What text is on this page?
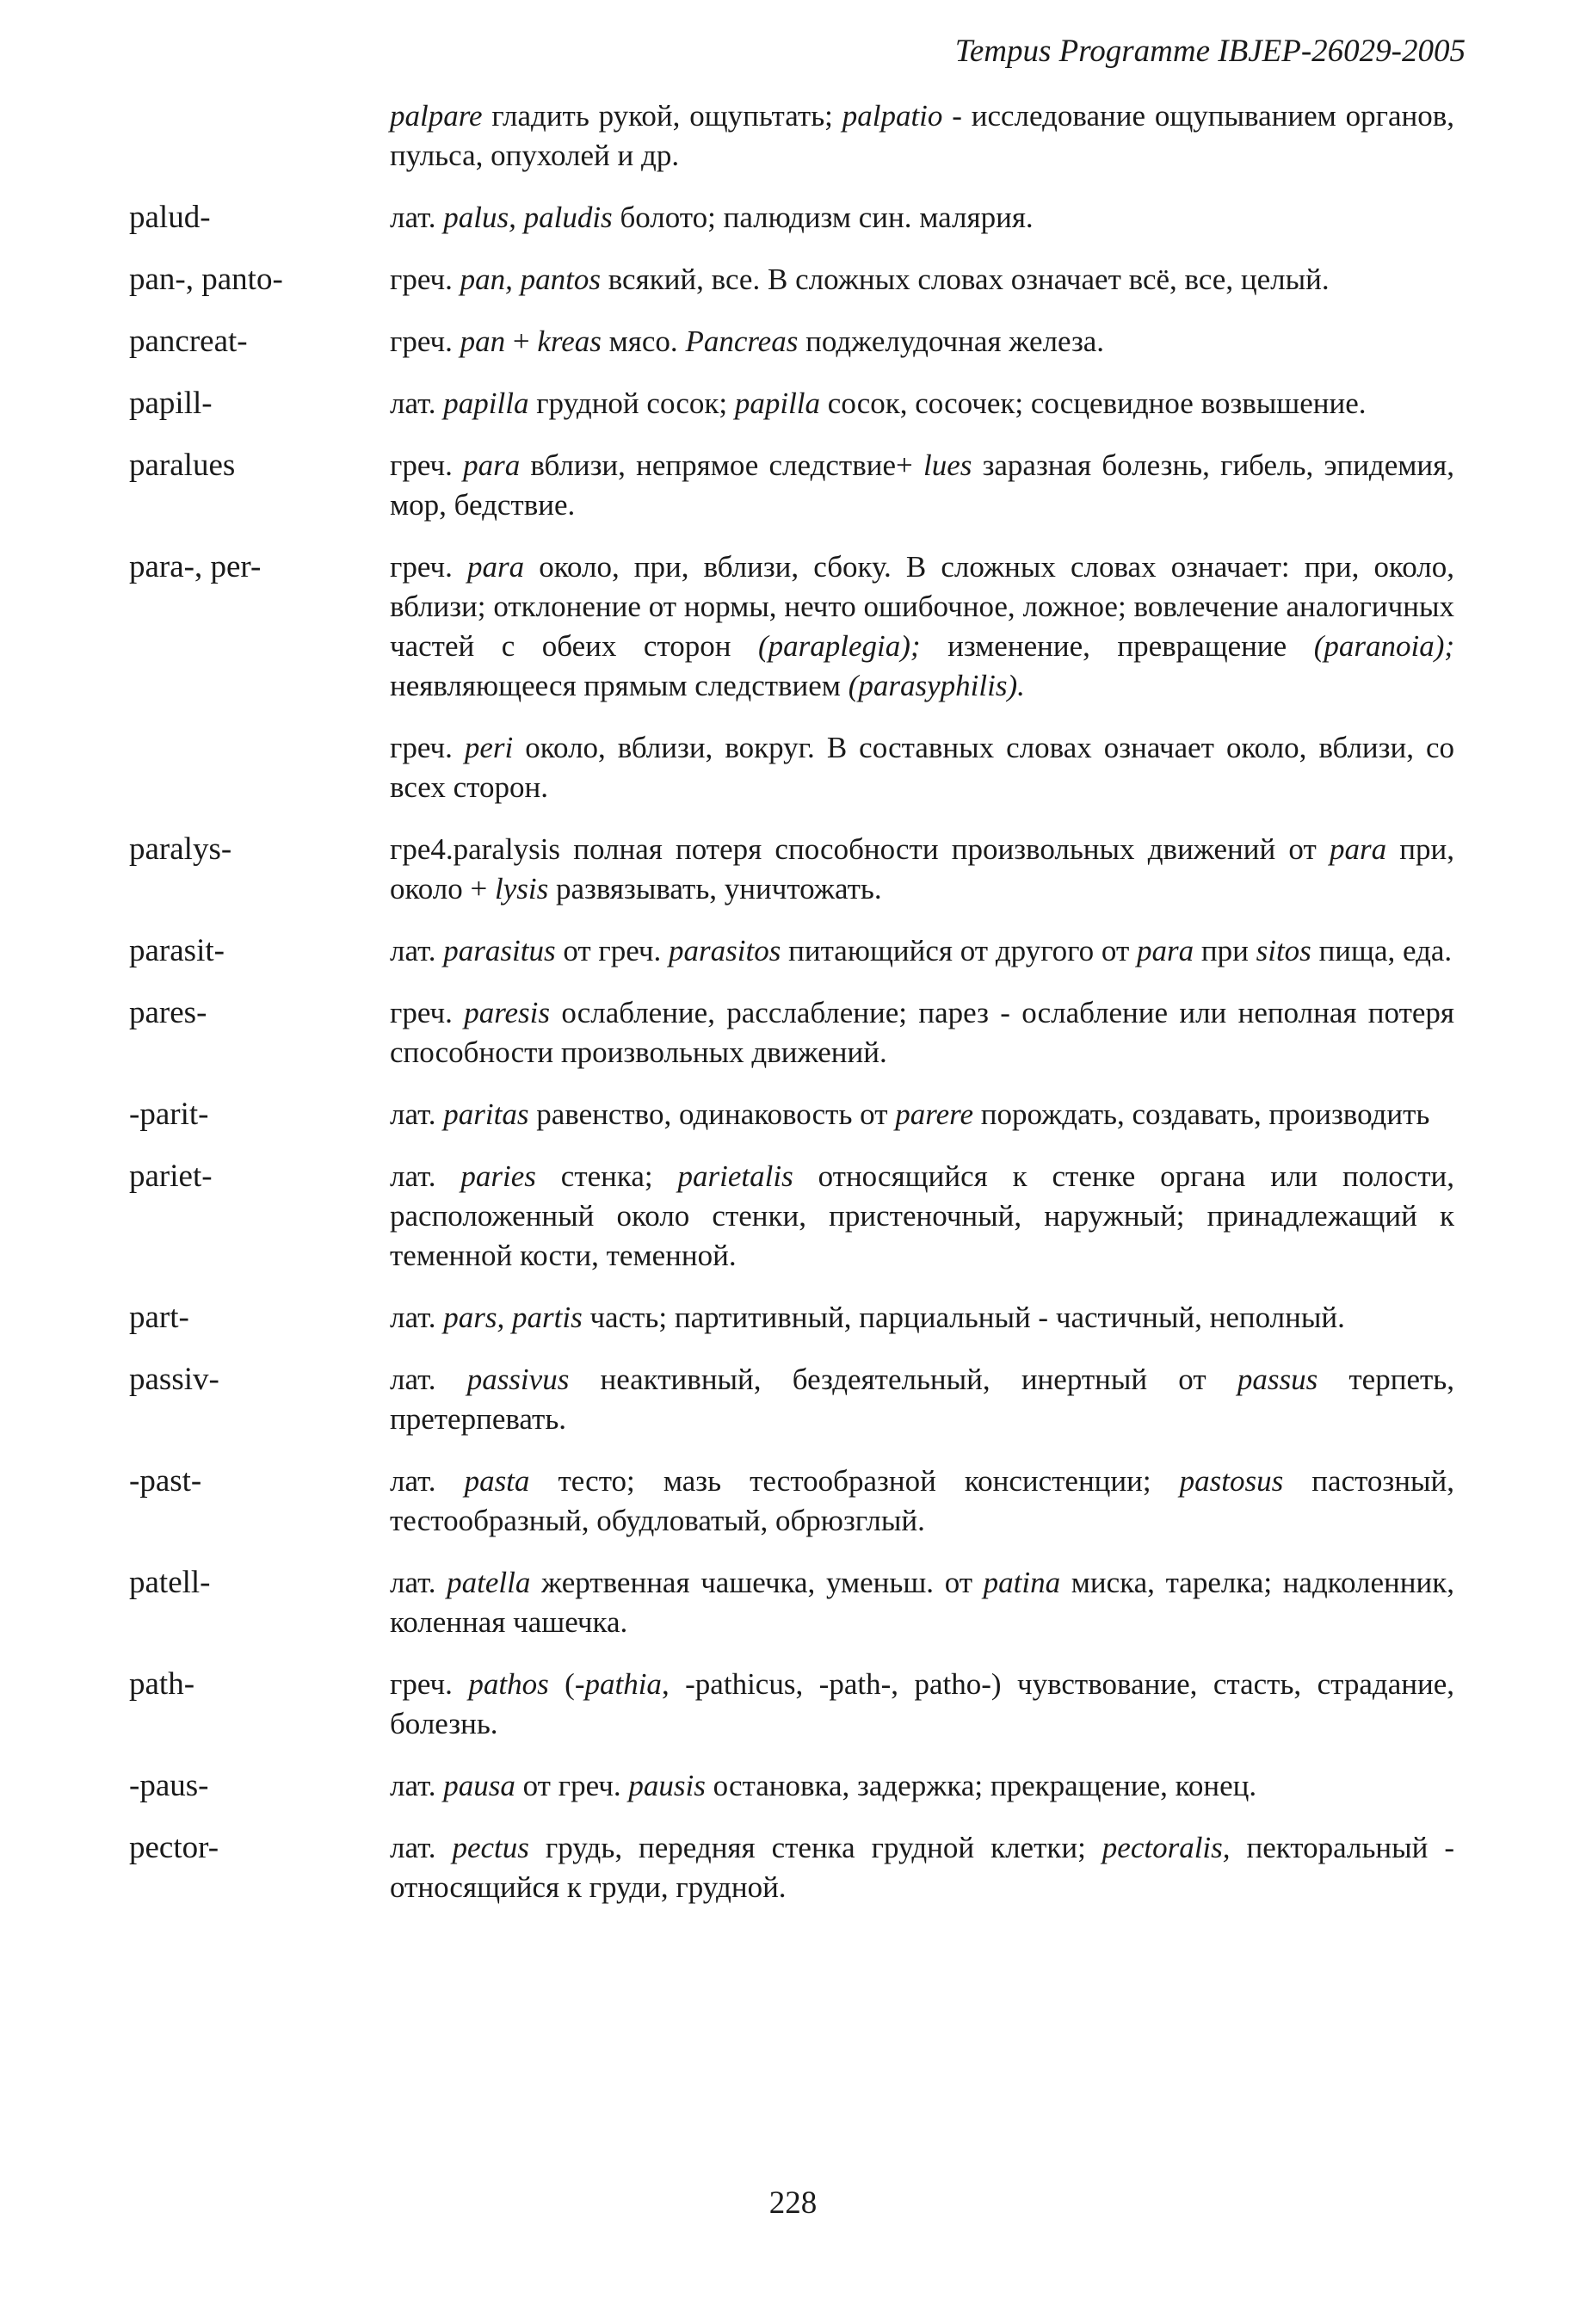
Tempus Programme IBJEP-26029-2005

palpare гладить рукой, ощупьтать; palpatio - исследование ощупыванием органов, пульса, опухолей и др.

palud-	лат. palus, paludis болото; палюдизм син. малярия.

pan-, panto-	греч. pan, pantos всякий, все. В сложных словах означает всё, все, целый.

pancreat-	греч. pan + kreas мясо. Pancreas поджелудочная железа.

papill-	лат. papilla грудной сосок; papilla сосок, сосочек; сосцевидное возвышение.

paralues	греч. para вблизи, непрямое следствие+ lues заразная болезнь, гибель, эпидемия, мор, бедствие.

para-, per-	греч. para около, при, вблизи, сбоку. В сложных словах означает: при, около, вблизи; отклонение от нормы, нечто ошибочное, ложное; вовлечение аналогичных частей с обеих сторон (paraplegia); изменение, превращение (paranoia); неявляющееся прямым следствием (parasyphilis).

греч. peri около, вблизи, вокруг. В составных словах означает около, вблизи, со всех сторон.

paralys-	гре4.paralysis полная потеря способности произвольных движений от para при, около + lysis развязывать, уничтожать.

parasit-	лат. parasitus от греч. parasitos питающийся от другого от para при sitos пища, еда.

pares-	греч. paresis ослабление, расслабление; парез - ослабление или неполная потеря способности произвольных движений.

-parit-	лат. paritas равенство, одинаковость от parere порождать, создавать, производить

pariet-	лат. paries стенка; parietalis относящийся к стенке органа или полости, расположенный около стенки, пристеночный, наружный; принадлежащий к теменной кости, теменной.

part-	лат. pars, partis часть; партитивный, парциальный - частичный, неполный.

passiv-	лат. passivus неактивный, бездеятельный, инертный от passus терпеть, претерпевать.

-past-	лат. pasta тесто; мазь тестообразной консистенции; pastosus пастозный, тестообразный, обудловатый, обрюзглый.

patell-	лат. patella жертвенная чашечка, уменьш. от patina миска, тарелка; надколенник, коленная чашечка.

path-	греч. pathos (-pathia, -pathicus, -path-, patho-) чувствование, стасть, страдание, болезнь.

-paus-	лат. pausa от греч. pausis остановка, задержка; прекращение, конец.

pector-	лат. pectus грудь, передняя стенка грудной клетки; pectoralis, пекторальный - относящийся к груди, грудной.

228
